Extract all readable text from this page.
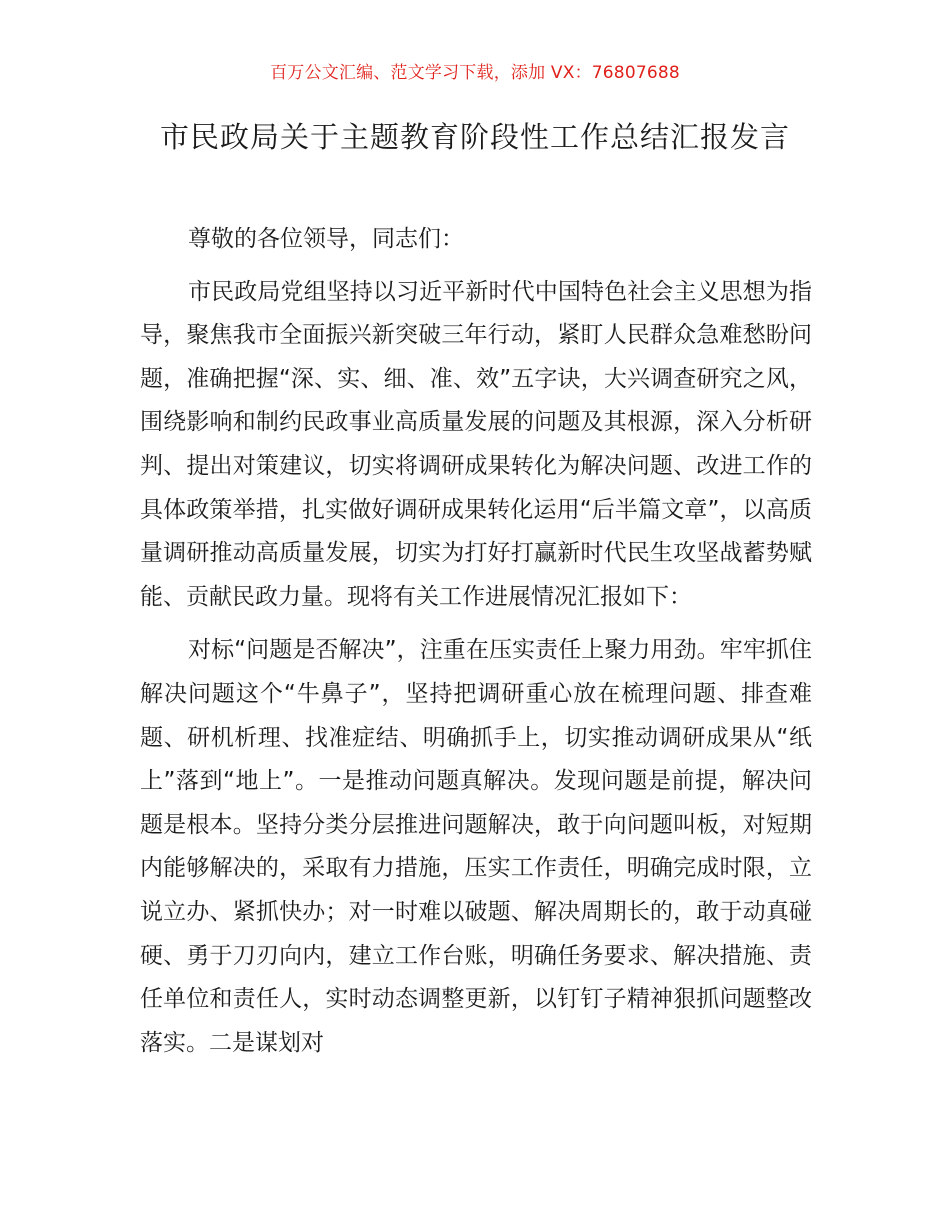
百万公文汇编、范文学习下载，添加 VX：76807688
市民政局关于主题教育阶段性工作总结汇报发言

尊敬的各位领导，同志们：

市民政局党组坚持以习近平新时代中国特色社会主义思想为指导，聚焦我市全面振兴新突破三年行动，紧盯人民群众急难愁盼问题，准确把握“深、实、细、准、效”五字诀，大兴调查研究之风，围绕影响和制约民政事业高质量发展的问题及其根源，深入分析研判、提出对策建议，切实将调研成果转化为解决问题、改进工作的具体政策举措，扎实做好调研成果转化运用“后半篇文章”，以高质量调研推动高质量发展，切实为打好打赢新时代民生攻坚战蓄势赋能、贡献民政力量。现将有关工作进展情况汇报如下：

对标“问题是否解决”，注重在压实责任上聚力用劲。牢牢抓住解决问题这个“牛鼻子”，坚持把调研重心放在梳理问题、排查难题、研机析理、找准症结、明确抓手上，切实推动调研成果从“纸上”落到“地上”。一是推动问题真解决。发现问题是前提，解决问题是根本。坚持分类分层推进问题解决，敢于向问题叫板，对短期内能够解决的，采取有力措施，压实工作责任，明确完成时限，立说立办、紧抓快办；对一时难以破题、解决周期长的，敢于动真碰硬、勇于刀刃向内，建立工作台账，明确任务要求、解决措施、责任单位和责任人，实时动态调整更新，以钉钉子精神狠抓问题整改落实。二是谋划对
